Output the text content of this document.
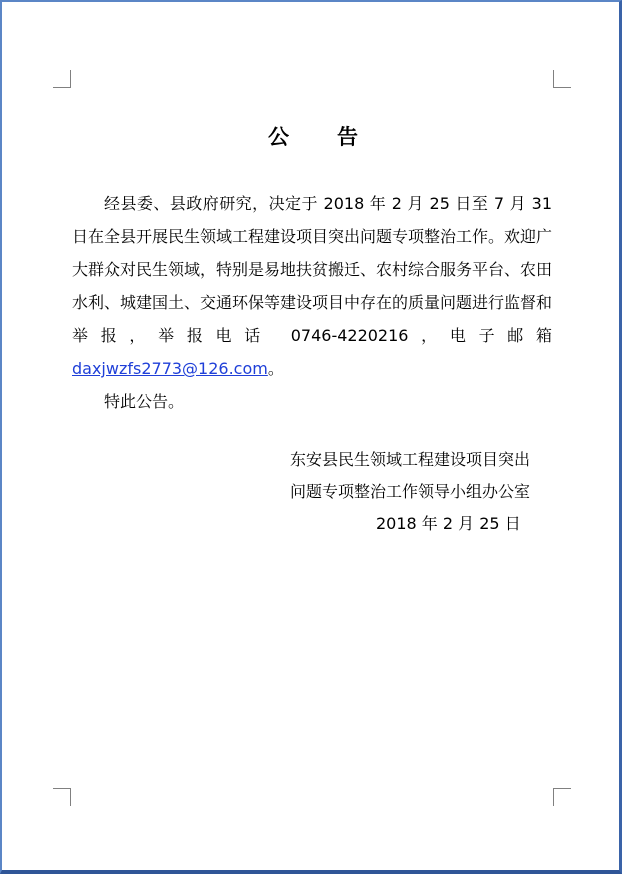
公告

经县委、县政府研究，决定于 2018 年 2 月 25 日至 7 月 31 日在全县开展民生领域工程建设项目突出问题专项整治工作。欢迎广大群众对民生领域，特别是易地扶贫搬迁、农村综合服务平台、农田水利、城建国土、交通环保等建设项目中存在的质量问题进行监督和举报，举报电话 0746-4220216，电子邮箱daxjwzfs2773@126.com。

特此公告。

东安县民生领域工程建设项目突出
问题专项整治工作领导小组办公室
2018 年 2 月 25 日
